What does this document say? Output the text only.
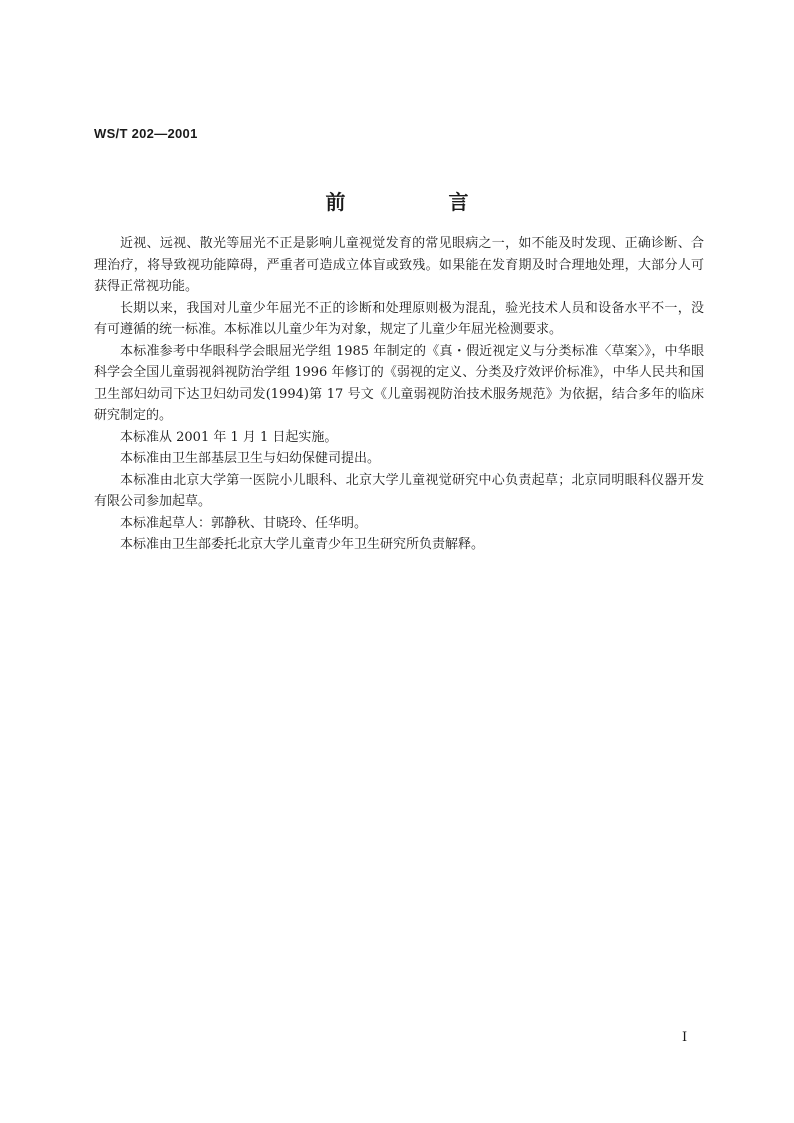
WS/T 202—2001
前 言

近视、远视、散光等屈光不正是影响儿童视觉发育的常见眼病之一，如不能及时发现、正确诊断、合理治疗，将导致视功能障碍，严重者可造成立体盲或致残。如果能在发育期及时合理地处理，大部分人可获得正常视功能。

长期以来，我国对儿童少年屈光不正的诊断和处理原则极为混乱，验光技术人员和设备水平不一，没有可遵循的统一标准。本标准以儿童少年为对象，规定了儿童少年屈光检测要求。

本标准参考中华眼科学会眼屈光学组 1985 年制定的《真・假近视定义与分类标准〈草案〉》，中华眼科学会全国儿童弱视斜视防治学组 1996 年修订的《弱视的定义、分类及疗效评价标准》，中华人民共和国卫生部妇幼司下达卫妇幼司发(1994)第 17 号文《儿童弱视防治技术服务规范》为依据，结合多年的临床研究制定的。

本标准从 2001 年 1 月 1 日起实施。

本标准由卫生部基层卫生与妇幼保健司提出。

本标准由北京大学第一医院小儿眼科、北京大学儿童视觉研究中心负责起草；北京同明眼科仪器开发有限公司参加起草。

本标准起草人：郭静秋、甘晓玲、任华明。

本标准由卫生部委托北京大学儿童青少年卫生研究所负责解释。

I
